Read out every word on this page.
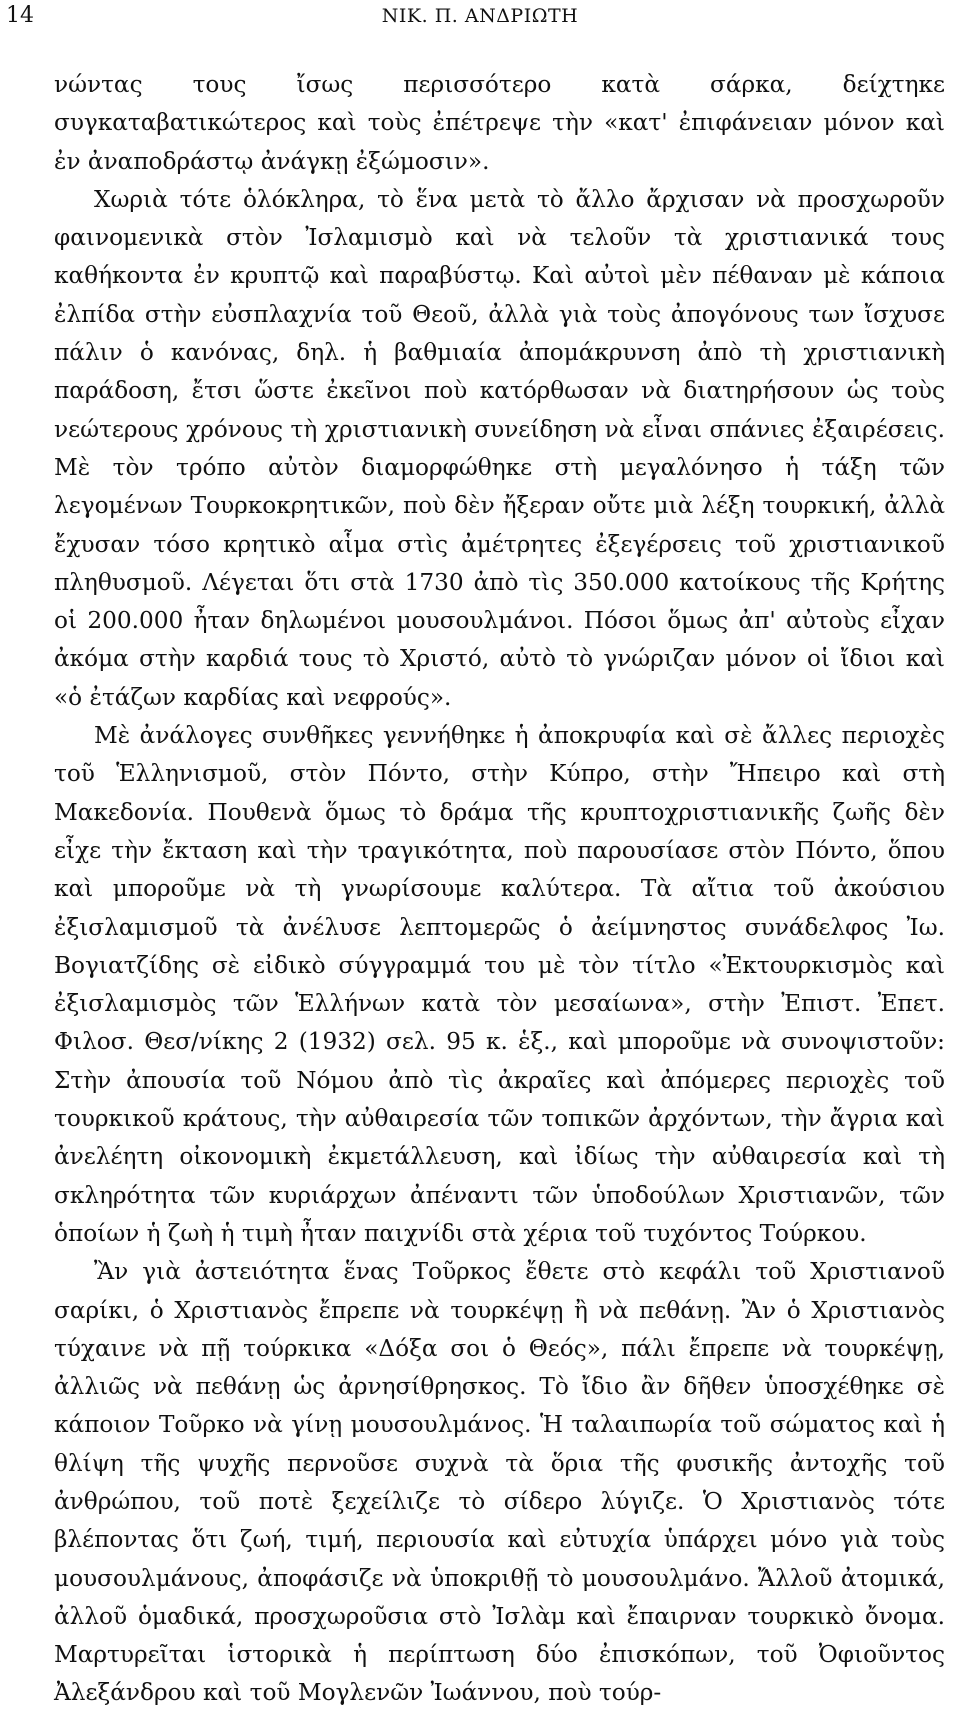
14	ΝΙΚ. Π. ΑΝΔΡΙΩΤΗ

νώντας τους ἴσως περισσότερο κατὰ σάρκα, δείχτηκε συγκαταβατικώτερος καὶ τοὺς ἐπέτρεψε τὴν «κατ' ἐπιφάνειαν μόνον καὶ ἐν ἀναποδράστῳ ἀνάγκῃ ἐξώμοσιν».

Χωριὰ τότε ὁλόκληρα, τὸ ἕνα μετὰ τὸ ἄλλο ἄρχισαν νὰ προσχωροῦν φαινομενικὰ στὸν Ἰσλαμισμὸ καὶ νὰ τελοῦν τὰ χριστιανικά τους καθήκοντα ἐν κρυπτῷ καὶ παραβύστῳ. Καὶ αὐτοὶ μὲν πέθαναν μὲ κάποια ἐλπίδα στὴν εὐσπλαχνία τοῦ Θεοῦ, ἀλλὰ γιὰ τοὺς ἀπογόνους των ἴσχυσε πάλιν ὁ κανόνας, δηλ. ἡ βαθμιαία ἀπομάκρυνση ἀπὸ τὴ χριστιανικὴ παράδοση, ἔτσι ὥστε ἐκεῖνοι ποὺ κατόρθωσαν νὰ διατηρήσουν ὡς τοὺς νεώτερους χρόνους τὴ χριστιανικὴ συνείδηση νὰ εἶναι σπάνιες ἐξαιρέσεις. Μὲ τὸν τρόπο αὐτὸν διαμορφώθηκε στὴ μεγαλόνησο ἡ τάξη τῶν λεγομένων Τουρκοκρητικῶν, ποὺ δὲν ἤξεραν οὔτε μιὰ λέξη τουρκική, ἀλλὰ ἔχυσαν τόσο κρητικὸ αἷμα στὶς ἀμέτρητες ἐξεγέρσεις τοῦ χριστιανικοῦ πληθυσμοῦ. Λέγεται ὅτι στὰ 1730 ἀπὸ τὶς 350.000 κατοίκους τῆς Κρήτης οἱ 200.000 ἦταν δηλωμένοι μουσουλμάνοι. Πόσοι ὅμως ἀπ' αὐτοὺς εἶχαν ἀκόμα στὴν καρδιά τους τὸ Χριστό, αὐτὸ τὸ γνώριζαν μόνον οἱ ἴδιοι καὶ «ὁ ἐτάζων καρδίας καὶ νεφρούς».

Μὲ ἀνάλογες συνθῆκες γεννήθηκε ἡ ἀποκρυφία καὶ σὲ ἄλλες περιοχὲς τοῦ Ἑλληνισμοῦ, στὸν Πόντο, στὴν Κύπρο, στὴν Ἤπειρο καὶ στὴ Μακεδονία. Πουθενὰ ὅμως τὸ δράμα τῆς κρυπτοχριστιανικῆς ζωῆς δὲν εἶχε τὴν ἔκταση καὶ τὴν τραγικότητα, ποὺ παρουσίασε στὸν Πόντο, ὅπου καὶ μποροῦμε νὰ τὴ γνωρίσουμε καλύτερα. Τὰ αἴτια τοῦ ἀκούσιου ἐξισλαμισμοῦ τὰ ἀνέλυσε λεπτομερῶς ὁ ἀείμνηστος συνάδελφος Ἰω. Βογιατζίδης σὲ εἰδικὸ σύγγραμμά του μὲ τὸν τίτλο «Ἐκτουρκισμὸς καὶ ἐξισλαμισμὸς τῶν Ἑλλήνων κατὰ τὸν μεσαίωνα», στὴν Ἐπιστ. Ἐπετ. Φιλοσ. Θεσ/νίκης 2 (1932) σελ. 95 κ. ἑξ., καὶ μποροῦμε νὰ συνοψιστοῦν: Στὴν ἀπουσία τοῦ Νόμου ἀπὸ τὶς ἀκραῖες καὶ ἀπόμερες περιοχὲς τοῦ τουρκικοῦ κράτους, τὴν αὐθαιρεσία τῶν τοπικῶν ἀρχόντων, τὴν ἄγρια καὶ ἀνελέητη οἰκονομικὴ ἐκμετάλλευση, καὶ ἰδίως τὴν αὐθαιρεσία καὶ τὴ σκληρότητα τῶν κυριάρχων ἀπέναντι τῶν ὑποδούλων Χριστιανῶν, τῶν ὁποίων ἡ ζωὴ ἡ τιμὴ ἦταν παιχνίδι στὰ χέρια τοῦ τυχόντος Τούρκου.

Ἂν γιὰ ἀστειότητα ἕνας Τοῦρκος ἔθετε στὸ κεφάλι τοῦ Χριστιανοῦ σαρίκι, ὁ Χριστιανὸς ἔπρεπε νὰ τουρκέψῃ ἢ νὰ πεθάνῃ. Ἂν ὁ Χριστιανὸς τύχαινε νὰ πῇ τούρκικα «Δόξα σοι ὁ Θεός», πάλι ἔπρεπε νὰ τουρκέψῃ, ἀλλιῶς νὰ πεθάνῃ ὡς ἀρνησίθρησκος. Τὸ ἴδιο ἂν δῆθεν ὑποσχέθηκε σὲ κάποιον Τοῦρκο νὰ γίνῃ μουσουλμάνος. Ἡ ταλαιπωρία τοῦ σώματος καὶ ἡ θλίψη τῆς ψυχῆς περνοῦσε συχνὰ τὰ ὅρια τῆς φυσικῆς ἀντοχῆς τοῦ ἀνθρώπου, τοῦ ποτὲ ξεχείλιζε τὸ σίδερο λύγιζε. Ὁ Χριστιανὸς τότε βλέποντας ὅτι ζωή, τιμή, περιουσία καὶ εὐτυχία ὑπάρχει μόνο γιὰ τοὺς μουσουλμάνους, ἀποφάσιζε νὰ ὑποκριθῇ τὸ μουσουλμάνο. Ἄλλοῦ ἀτομικά, ἀλλοῦ ὁμαδικά, προσχωροῦσια στὸ Ἰσλὰμ καὶ ἔπαιρναν τουρκικὸ ὄνομα. Μαρτυρεῖται ἱστορικὰ ἡ περίπτωση δύο ἐπισκόπων, τοῦ Ὀφιοῦντος Ἀλεξάνδρου καὶ τοῦ Μογλενῶν Ἰωάννου, ποὺ τούρ-
